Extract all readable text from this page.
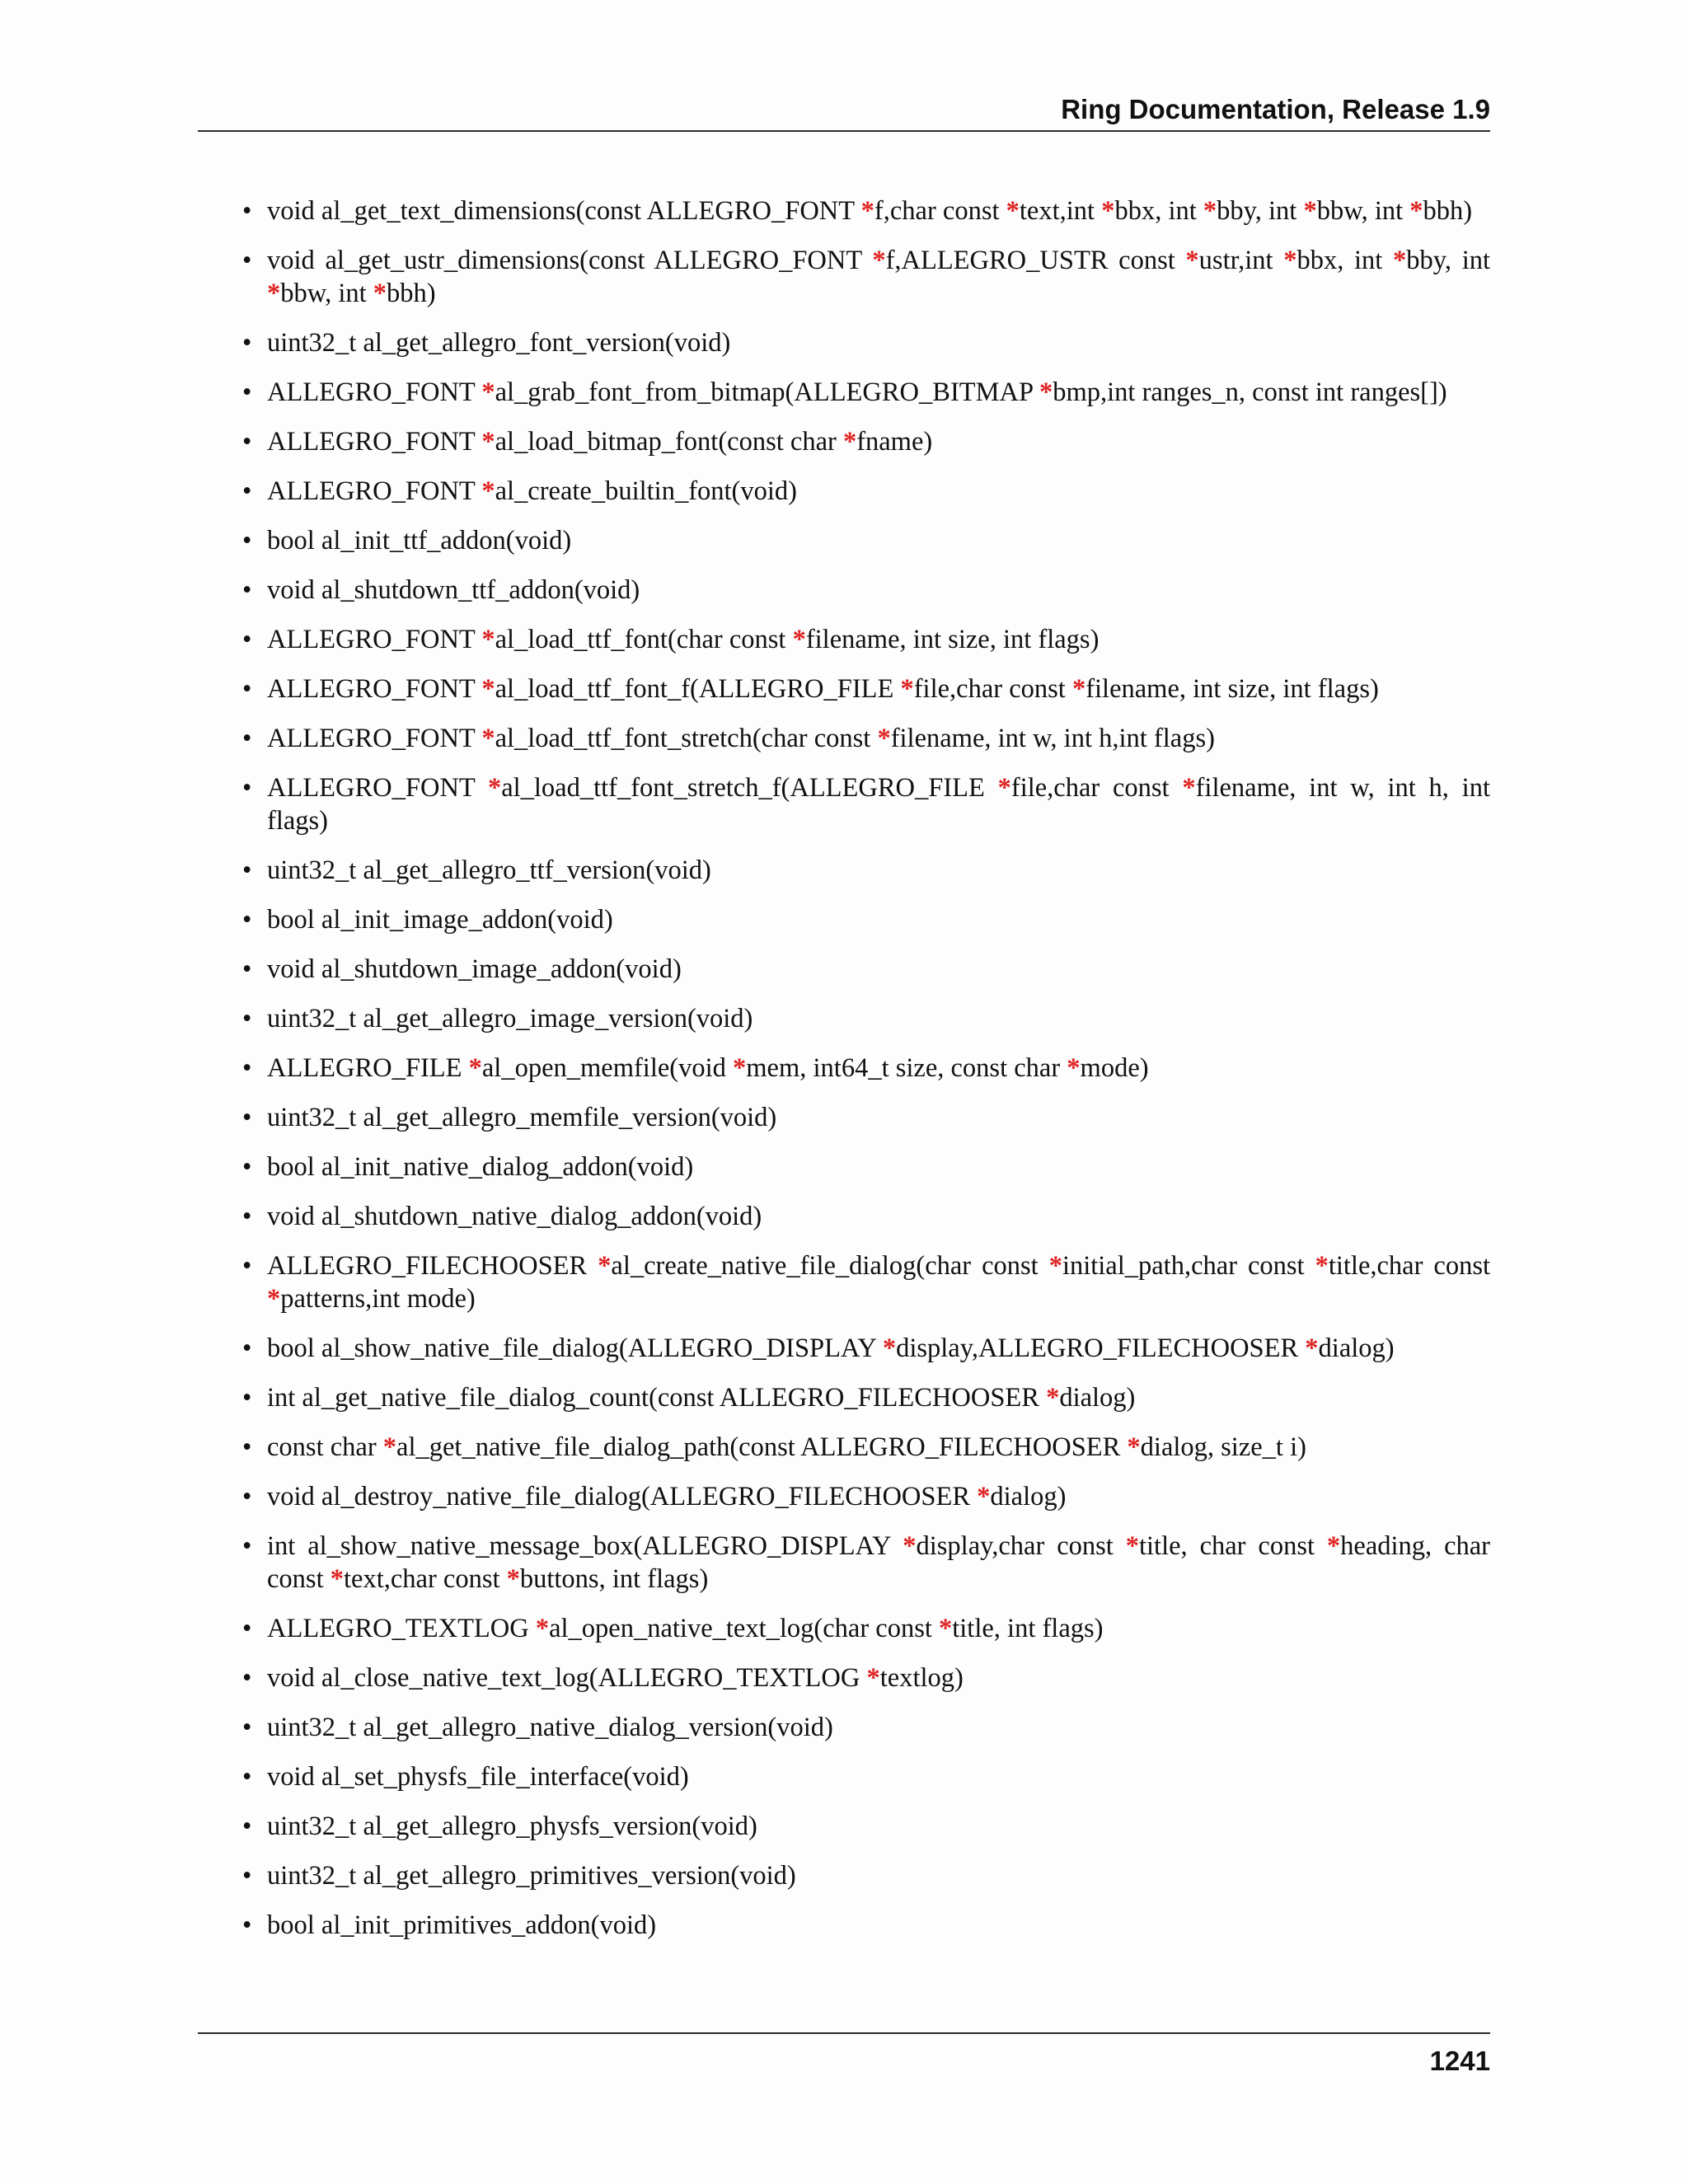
Ring Documentation, Release 1.9
• void al_get_text_dimensions(const ALLEGRO_FONT *f,char const *text,int *bbx, int *bby, int *bbw, int *bbh)
• void al_get_ustr_dimensions(const ALLEGRO_FONT *f,ALLEGRO_USTR const *ustr,int *bbx, int *bby, int *bbw, int *bbh)
• uint32_t al_get_allegro_font_version(void)
• ALLEGRO_FONT *al_grab_font_from_bitmap(ALLEGRO_BITMAP *bmp,int ranges_n, const int ranges[])
• ALLEGRO_FONT *al_load_bitmap_font(const char *fname)
• ALLEGRO_FONT *al_create_builtin_font(void)
• bool al_init_ttf_addon(void)
• void al_shutdown_ttf_addon(void)
• ALLEGRO_FONT *al_load_ttf_font(char const *filename, int size, int flags)
• ALLEGRO_FONT *al_load_ttf_font_f(ALLEGRO_FILE *file,char const *filename, int size, int flags)
• ALLEGRO_FONT *al_load_ttf_font_stretch(char const *filename, int w, int h,int flags)
• ALLEGRO_FONT *al_load_ttf_font_stretch_f(ALLEGRO_FILE *file,char const *filename, int w, int h, int flags)
• uint32_t al_get_allegro_ttf_version(void)
• bool al_init_image_addon(void)
• void al_shutdown_image_addon(void)
• uint32_t al_get_allegro_image_version(void)
• ALLEGRO_FILE *al_open_memfile(void *mem, int64_t size, const char *mode)
• uint32_t al_get_allegro_memfile_version(void)
• bool al_init_native_dialog_addon(void)
• void al_shutdown_native_dialog_addon(void)
• ALLEGRO_FILECHOOSER *al_create_native_file_dialog(char const *initial_path,char const *title,char const *patterns,int mode)
• bool al_show_native_file_dialog(ALLEGRO_DISPLAY *display,ALLEGRO_FILECHOOSER *dialog)
• int al_get_native_file_dialog_count(const ALLEGRO_FILECHOOSER *dialog)
• const char *al_get_native_file_dialog_path(const ALLEGRO_FILECHOOSER *dialog, size_t i)
• void al_destroy_native_file_dialog(ALLEGRO_FILECHOOSER *dialog)
• int al_show_native_message_box(ALLEGRO_DISPLAY *display,char const *title, char const *heading, char const *text,char const *buttons, int flags)
• ALLEGRO_TEXTLOG *al_open_native_text_log(char const *title, int flags)
• void al_close_native_text_log(ALLEGRO_TEXTLOG *textlog)
• uint32_t al_get_allegro_native_dialog_version(void)
• void al_set_physfs_file_interface(void)
• uint32_t al_get_allegro_physfs_version(void)
• uint32_t al_get_allegro_primitives_version(void)
• bool al_init_primitives_addon(void)
1241
